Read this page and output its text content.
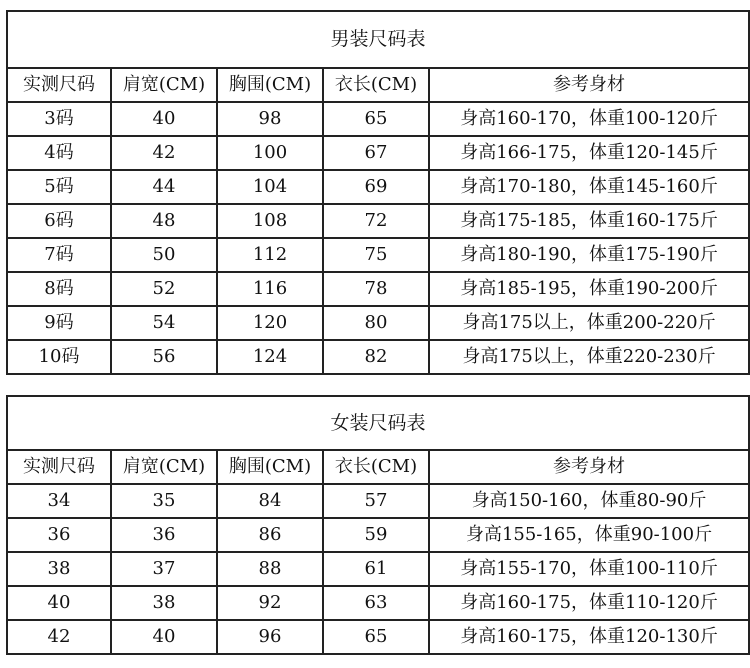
男装尺码表				
实测尺码	肩宽(CM)	胸围(CM)	衣长(CM)	参考身材
3码	40	98	65	身高160-170，体重100-120斤
4码	42	100	67	身高166-175，体重120-145斤
5码	44	104	69	身高170-180，体重145-160斤
6码	48	108	72	身高175-185，体重160-175斤
7码	50	112	75	身高180-190，体重175-190斤
8码	52	116	78	身高185-195，体重190-200斤
9码	54	120	80	身高175以上，体重200-220斤
10码	56	124	82	身高175以上，体重220-230斤
女装尺码表				
实测尺码	肩宽(CM)	胸围(CM)	衣长(CM)	参考身材
34	35	84	57	身高150-160，体重80-90斤
36	36	86	59	身高155-165，体重90-100斤
38	37	88	61	身高155-170，体重100-110斤
40	38	92	63	身高160-175，体重110-120斤
42	40	96	65	身高160-175，体重120-130斤
